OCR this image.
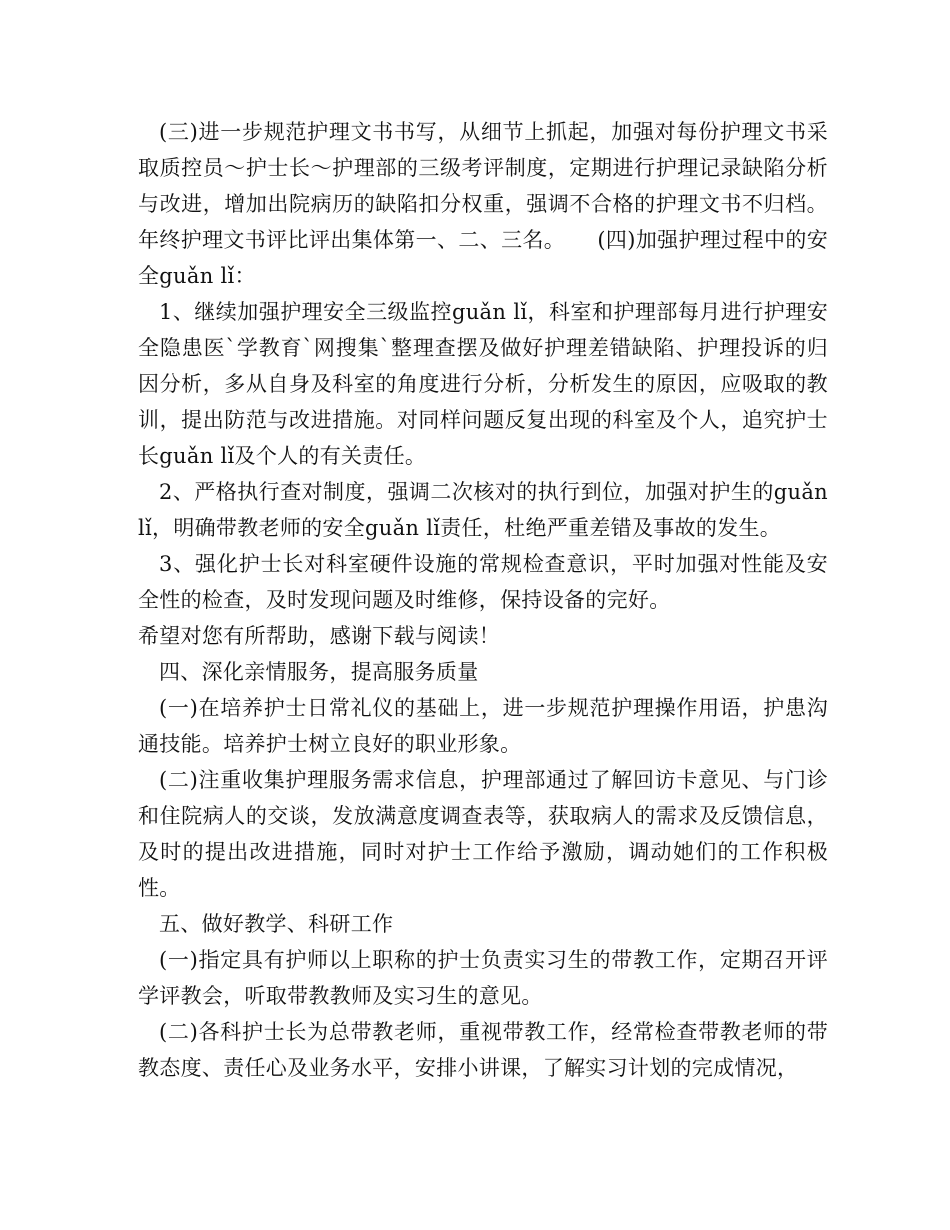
(三)进一步规范护理文书书写，从细节上抓起，加强对每份护理文书采取质控员～护士长～护理部的三级考评制度，定期进行护理记录缺陷分析与改进，增加出院病历的缺陷扣分权重，强调不合格的护理文书不归档。年终护理文书评比评出集体第一、二、三名。　　(四)加强护理过程中的安全guǎn lǐ：

1、继续加强护理安全三级监控guǎn lǐ，科室和护理部每月进行护理安全隐患医`学教育`网搜集`整理查摆及做好护理差错缺陷、护理投诉的归因分析，多从自身及科室的角度进行分析，分析发生的原因，应吸取的教训，提出防范与改进措施。对同样问题反复出现的科室及个人，追究护士长guǎn lǐ及个人的有关责任。

2、严格执行查对制度，强调二次核对的执行到位，加强对护生的guǎn lǐ，明确带教老师的安全guǎn lǐ责任，杜绝严重差错及事故的发生。

3、强化护士长对科室硬件设施的常规检查意识，平时加强对性能及安全性的检查，及时发现问题及时维修，保持设备的完好。

希望对您有所帮助，感谢下载与阅读！

四、深化亲情服务，提高服务质量

(一)在培养护士日常礼仪的基础上，进一步规范护理操作用语，护患沟通技能。培养护士树立良好的职业形象。

(二)注重收集护理服务需求信息，护理部通过了解回访卡意见、与门诊和住院病人的交谈，发放满意度调查表等，获取病人的需求及反馈信息，及时的提出改进措施，同时对护士工作给予激励，调动她们的工作积极性。

五、做好教学、科研工作

(一)指定具有护师以上职称的护士负责实习生的带教工作，定期召开评学评教会，听取带教教师及实习生的意见。

(二)各科护士长为总带教老师，重视带教工作，经常检查带教老师的带教态度、责任心及业务水平，安排小讲课，了解实习计划的完成情况，
